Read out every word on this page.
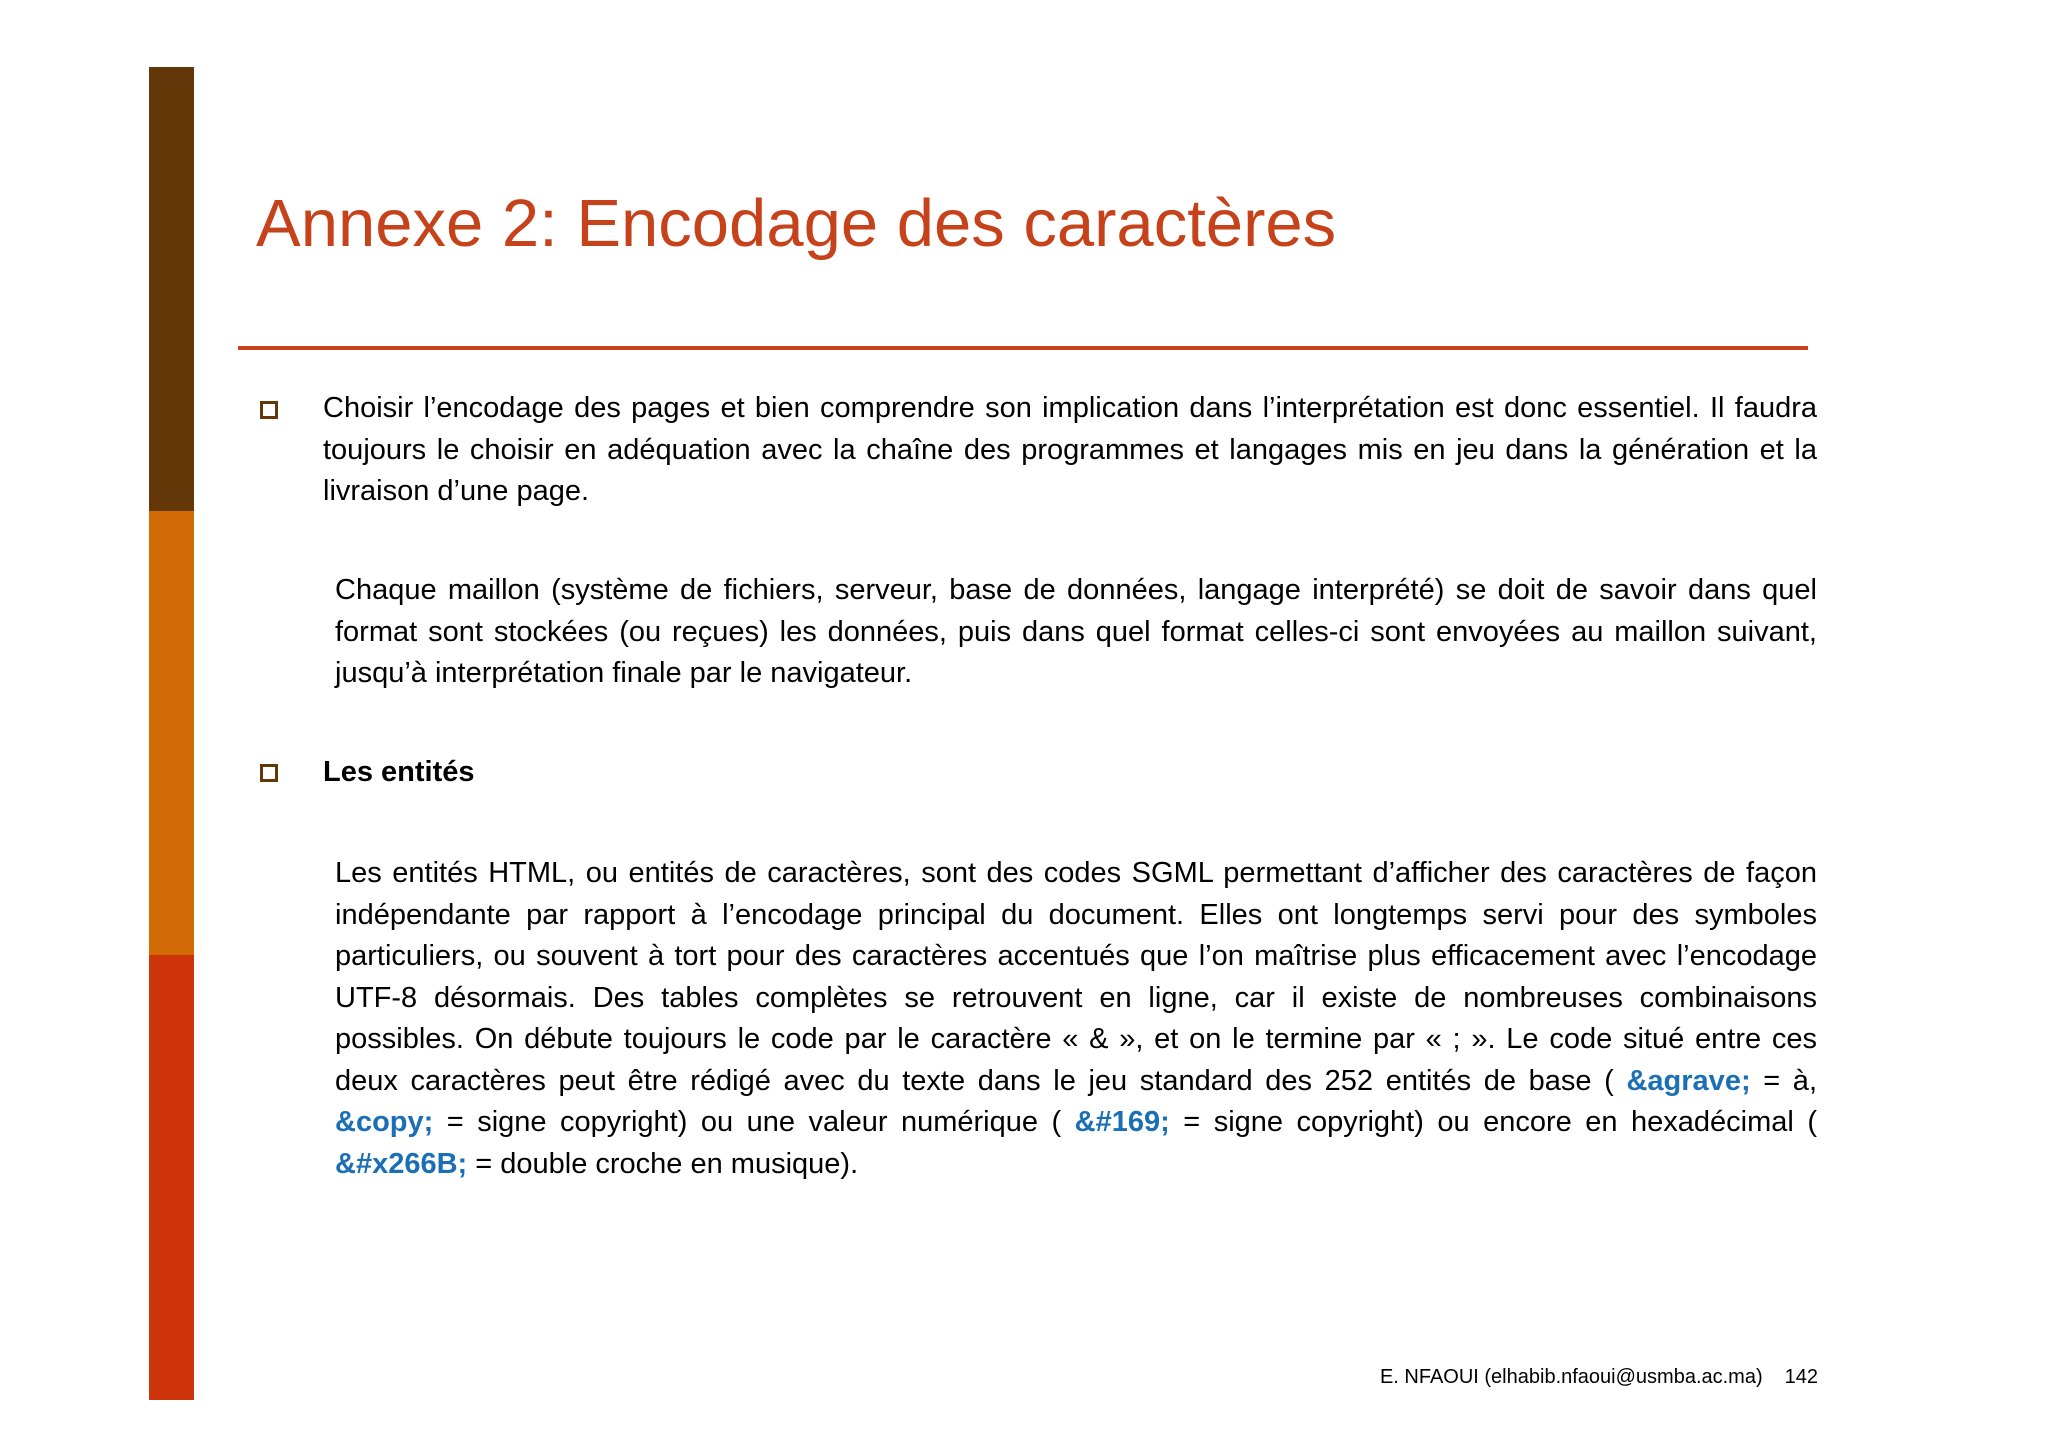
Annexe 2: Encodage des caractères

Choisir l’encodage des pages et bien comprendre son implication dans l’interprétation est donc essentiel. Il faudra toujours le choisir en adéquation avec la chaîne des programmes et langages mis en jeu dans la génération et la livraison d’une page.

Chaque maillon (système de fichiers, serveur, base de données, langage interprété) se doit de savoir dans quel format sont stockées (ou reçues) les données, puis dans quel format celles-ci sont envoyées au maillon suivant, jusqu’à interprétation finale par le navigateur.

Les entités

Les entités HTML, ou entités de caractères, sont des codes SGML permettant d’afficher des caractères de façon indépendante par rapport à l’encodage principal du document. Elles ont longtemps servi pour des symboles particuliers, ou souvent à tort pour des caractères accentués que l’on maîtrise plus efficacement avec l’encodage UTF-8 désormais. Des tables complètes se retrouvent en ligne, car il existe de nombreuses combinaisons possibles. On débute toujours le code par le caractère « & », et on le termine par « ; ». Le code situé entre ces deux caractères peut être rédigé avec du texte dans le jeu standard des 252 entités de base ( &agrave; = à, &copy; = signe copyright) ou une valeur numérique ( &#169; = signe copyright) ou encore en hexadécimal ( &#x266B; = double croche en musique).

E. NFAOUI (elhabib.nfaoui@usmba.ac.ma) 142
